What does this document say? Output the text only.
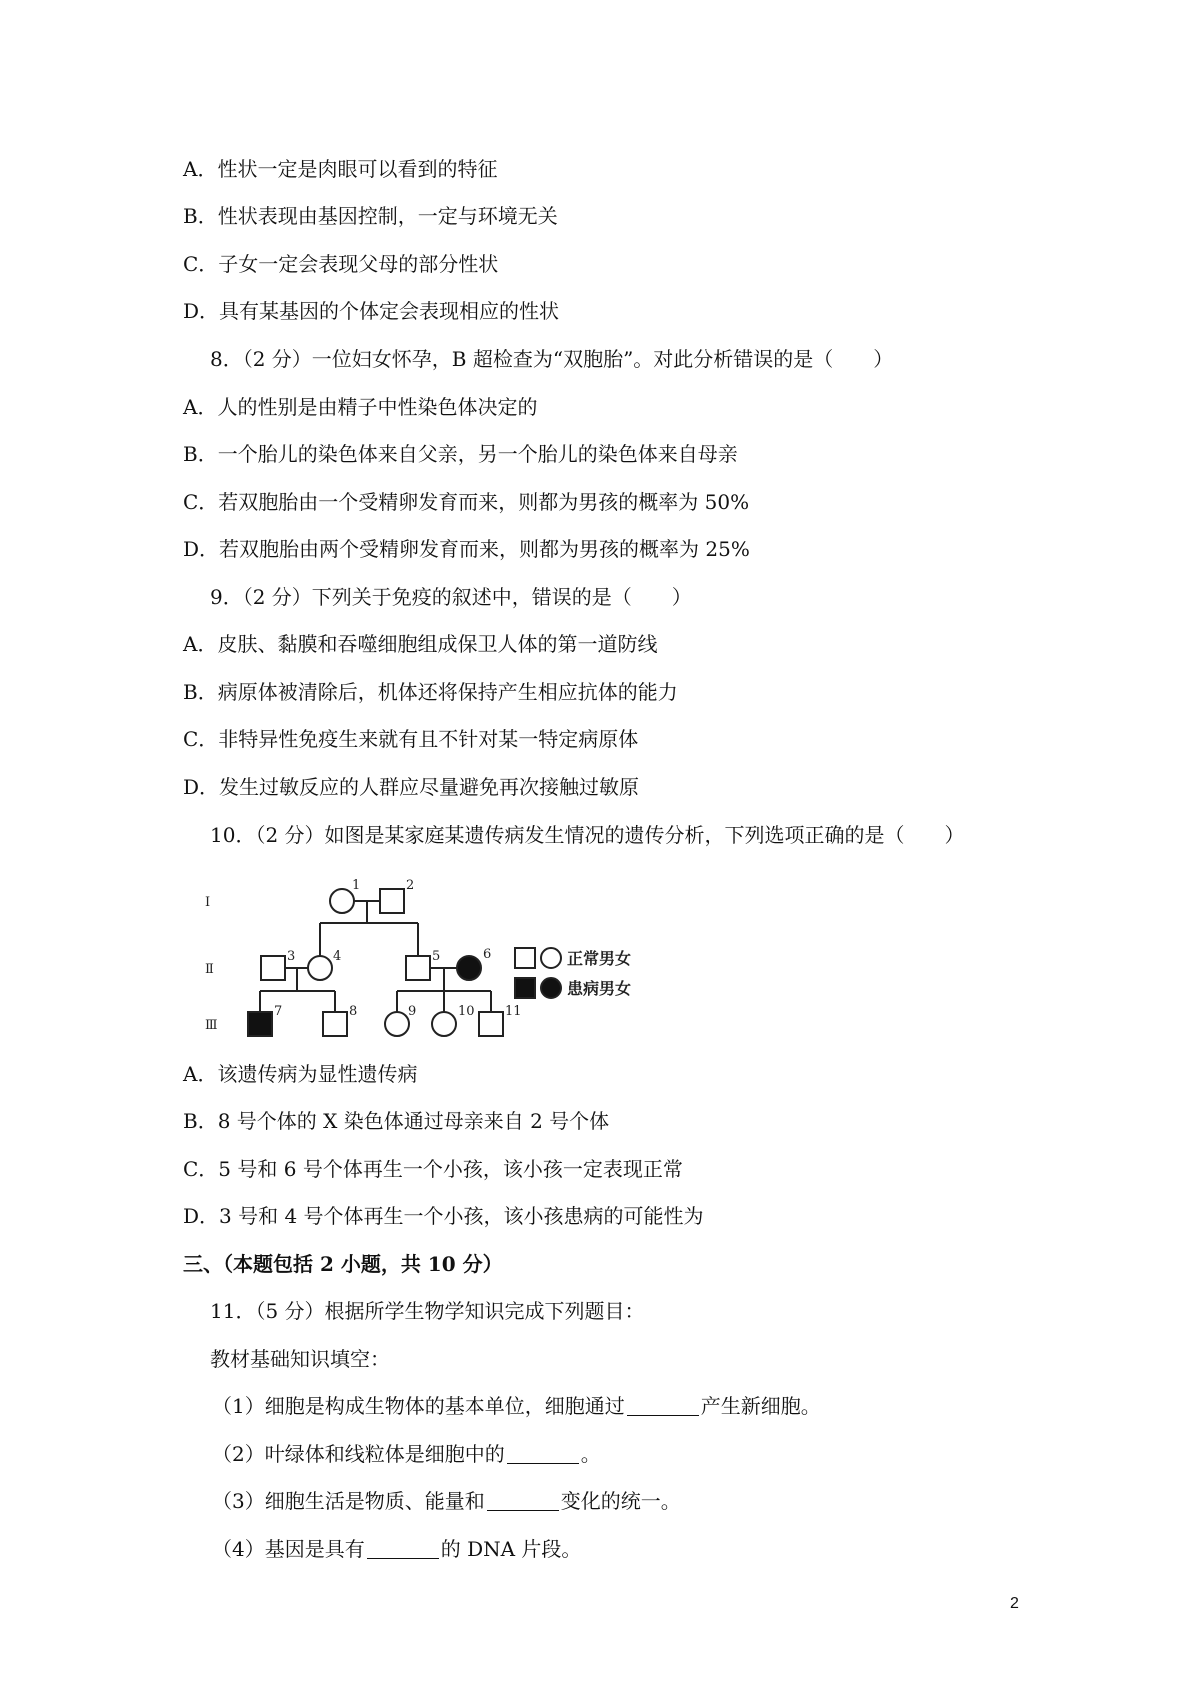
A．性状一定是肉眼可以看到的特征
B．性状表现由基因控制，一定与环境无关
C．子女一定会表现父母的部分性状
D．具有某基因的个体定会表现相应的性状
8．（2 分）一位妇女怀孕，B 超检查为“双胞胎”。对此分析错误的是（　　）
A．人的性别是由精子中性染色体决定的
B．一个胎儿的染色体来自父亲，另一个胎儿的染色体来自母亲
C．若双胞胎由一个受精卵发育而来，则都为男孩的概率为 50%
D．若双胞胎由两个受精卵发育而来，则都为男孩的概率为 25%
9．（2 分）下列关于免疫的叙述中，错误的是（　　）
A．皮肤、黏膜和吞噬细胞组成保卫人体的第一道防线
B．病原体被清除后，机体还将保持产生相应抗体的能力
C．非特异性免疫生来就有且不针对某一特定病原体
D．发生过敏反应的人群应尽量避免再次接触过敏原
10．（2 分）如图是某家庭某遗传病发生情况的遗传分析，下列选项正确的是（　　）
Ⅰ
Ⅱ
Ⅲ
1	2
3	4	5	6
7	8	9	10 11
正常男女
患病男女
A．该遗传病为显性遗传病
B．8 号个体的 X 染色体通过母亲来自 2 号个体
C．5 号和 6 号个体再生一个小孩，该小孩一定表现正常
D．3 号和 4 号个体再生一个小孩，该小孩患病的可能性为
三、（本题包括 2 小题，共 10 分）
11．（5 分）根据所学生物学知识完成下列题目：
教材基础知识填空：
（1）细胞是构成生物体的基本单位，细胞通过	产生新细胞。
（2）叶绿体和线粒体是细胞中的	。
（3）细胞生活是物质、能量和	变化的统一。
（4）基因是具有	的 DNA 片段。
2
